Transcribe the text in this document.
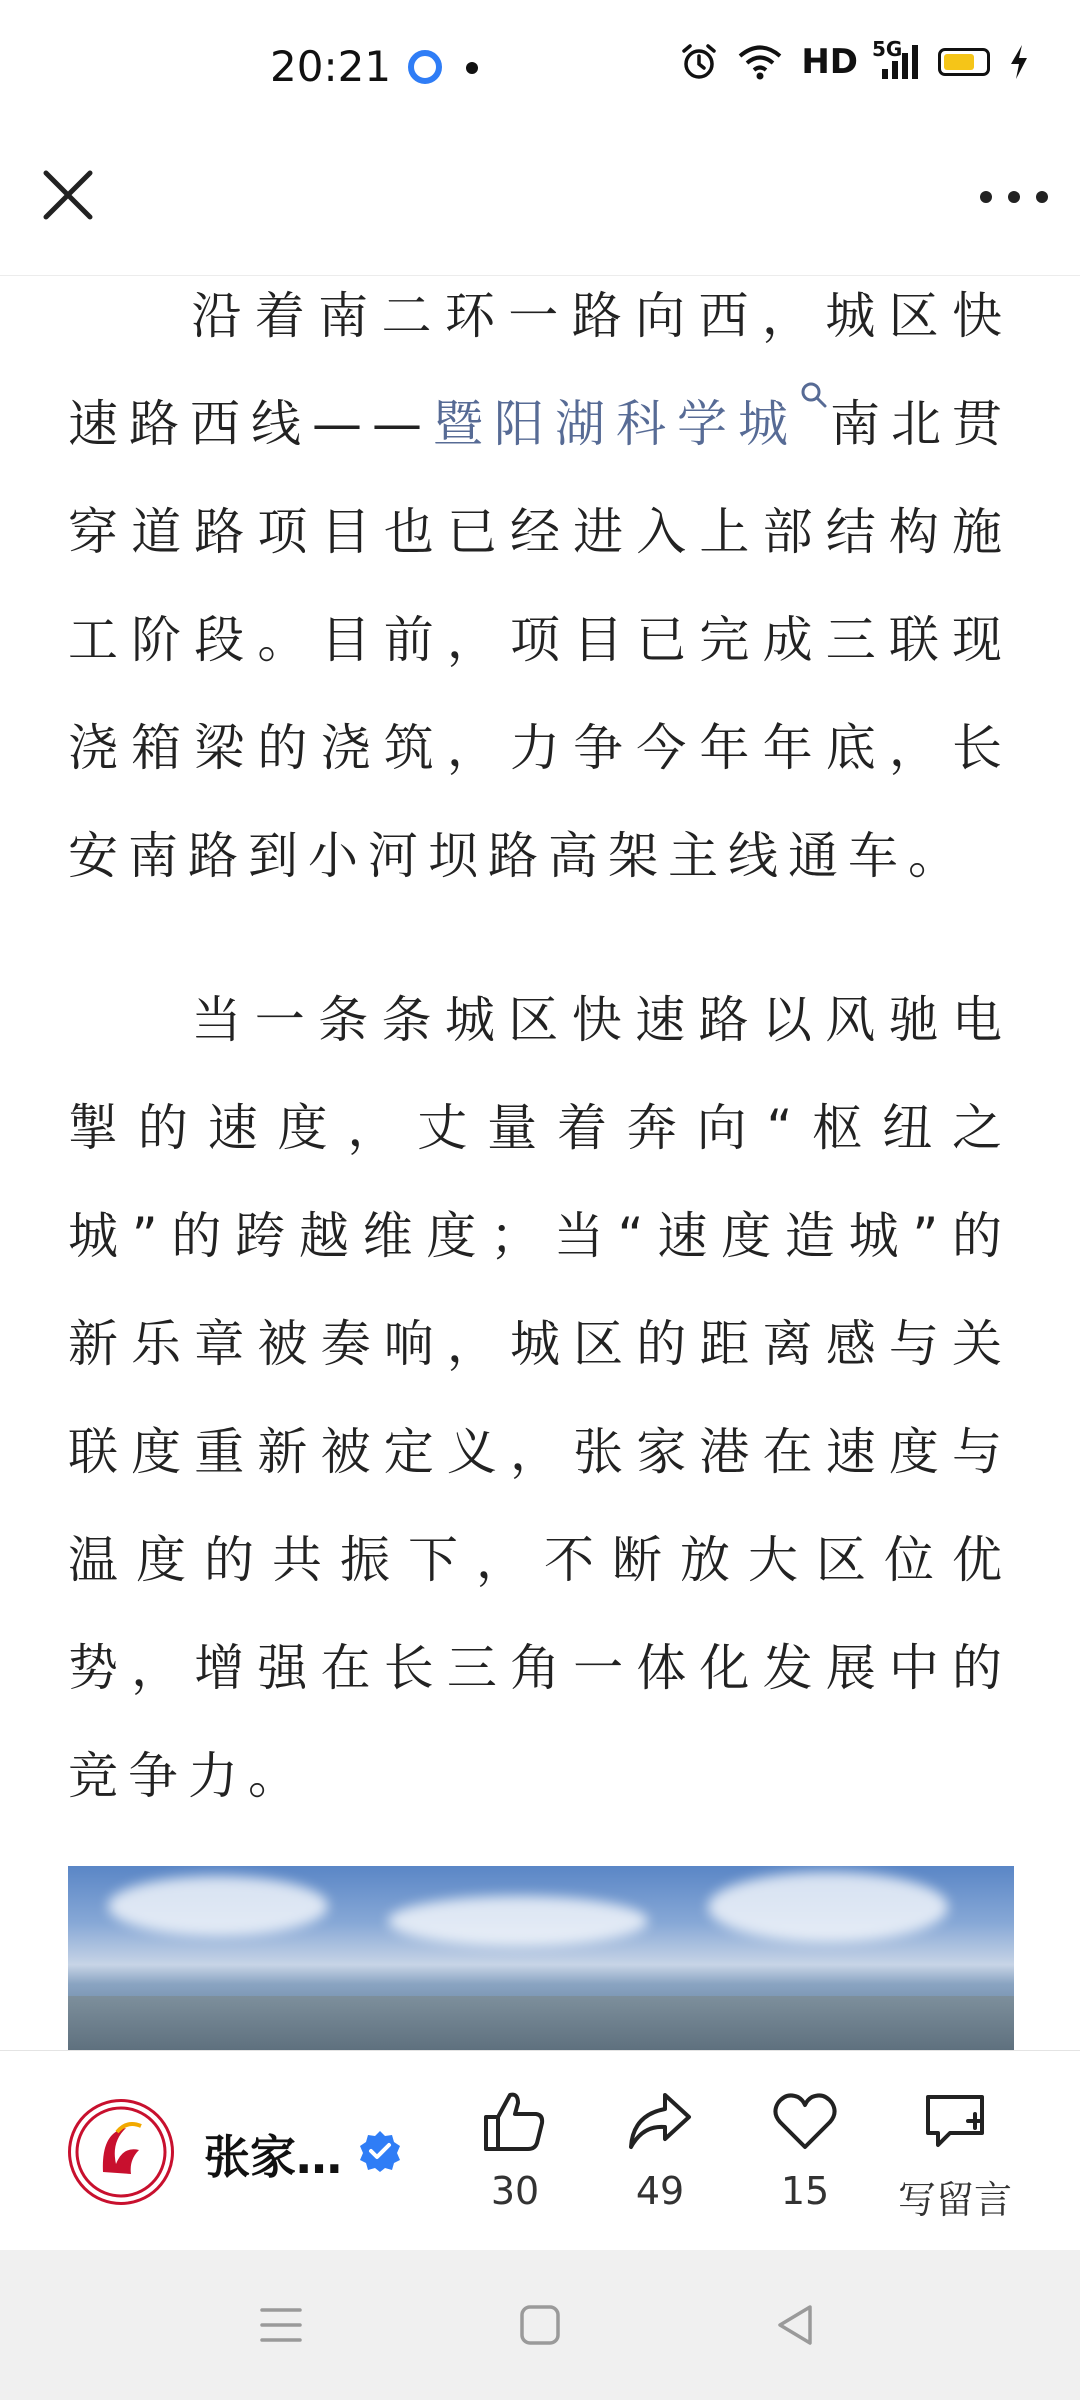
20:21	HD 5G

沿着南二环一路向西，城区快速路西线——暨阳湖科学城 南北贯穿道路项目也已经进入上部结构施工阶段。目前，项目已完成三联现浇箱梁的浇筑，力争今年年底，长安南路到小河坝路高架主线通车。

当一条条城区快速路以风驰电掣的速度，丈量着奔向“枢纽之城”的跨越维度；当“速度造城”的新乐章被奏响，城区的距离感与关联度重新被定义，张家港在速度与温度的共振下，不断放大区位优势，增强在长三角一体化发展中的竞争力。

张家…
30	49	15	写留言
